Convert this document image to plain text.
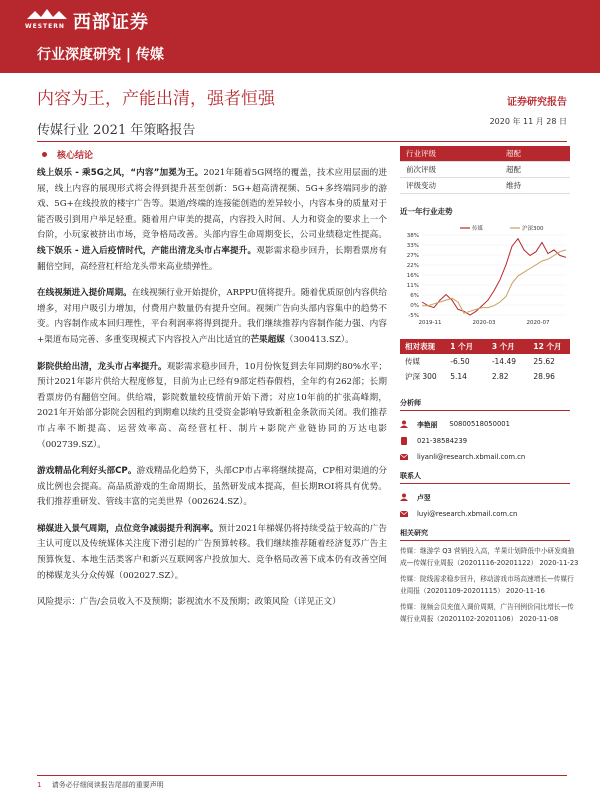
WESTERN 西部证券
行业深度研究 | 传媒
内容为王，产能出清，强者恒强	证券研究报告
传媒行业 2021 年策略报告
2020 年 11 月 28 日
核心结论

线上娱乐 - 乘5G之风，“内容”加冕为王。2021年随着5G网络的覆盖，技术应用层面的进展，线上内容的展现形式将会得到提升甚至创新：5G+超高清视频、5G+多终端同步的游戏、5G+在线投放的楼宇广告等。渠道/终端的连接能创造的差异较小，内容本身的质量对于能否吸引到用户举足轻重。随着用户审美的提高，内容投入时间、人力和资金的要求上一个台阶，小玩家被挤出市场，竞争格局改善。头部内容生命周期变长，公司业绩稳定性提高。线下娱乐 - 进入后疫情时代，产能出清龙头市占率提升。观影需求稳步回升，长期看票房有翻倍空间，高经营杠杆给龙头带来高业绩弹性。

在线视频进入提价周期。在线视频行业开始提价，ARPPU值将提升。随着优质原创内容供给增多，对用户吸引力增加，付费用户数量仍有提升空间。视频广告向头部内容集中的趋势不变。内容制作成本回归理性，平台利润率将得到提升。我们继续推荐内容制作能力强、内容+渠道布局完善、多重变现模式下内容投入产出比适宜的芒果超媒（300413.SZ）。

影院供给出清，龙头市占率提升。观影需求稳步回升，10月份恢复到去年同期约80%水平；预计2021年影片供给大程度修复，目前为止已经有9部定档春假档，全年约有262部；长期看票房仍有翻倍空间。供给端，影院数量较疫情前开始下滑；对应10年前的扩张高峰期，2021年开始部分影院会因租约到期难以续约且受资金影响导致新租金条款而关闭。我们推荐市占率不断提高、运营效率高、高经营杠杆、制片+影院产业链协同的万达电影（002739.SZ）。

游戏精品化利好头部CP。游戏精品化趋势下，头部CP市占率将继续提高，CP相对渠道的分成比例也会提高。高品质游戏的生命周期长，虽然研发成本提高，但长期ROI将具有优势。我们推荐重研发、管线丰富的完美世界（002624.SZ）。

梯媒进入景气周期，点位竞争减弱提升利润率。预计2021年梯媒仍将持续受益于较高的广告主认可度以及传统媒体关注度下滑引起的广告预算转移。我们继续推荐随着经济复苏广告主预算恢复、本地生活类客户和新兴互联网客户投放加大、竞争格局改善下成本仍有改善空间的梯媒龙头分众传媒（002027.SZ）。

风险提示：广告/会员收入不及预期；影视流水不及预期；政策风险（详见正文）

行业评级	超配
前次评级	超配
评级变动	维持
近一年行业走势
-5%
0%
6%
11%
16%
22%
27%
33%
38%
2019-11	2020-03	2020-07
传媒	沪深300
相对表现	1 个月	3 个月	12 个月
传媒	-6.50	-14.49	25.62
沪深 300	5.14	2.82	28.96
分析师
李艳丽 S0800518050001
021-38584239
liyanli@research.xbmail.com.cn
联系人
卢翌
luyi@research.xbmail.com.cn
相关研究
传媒：继游学 Q3 营销投入高，芊果计划降低中小研发商抽成—传媒行业周报（20201116-20201122） 2020-11-23
传媒：院线需求稳步回升，移动游戏市场高速增长—传媒行业周报（20201109-20201115） 2020-11-16
传媒：视频会员充值入调价周期，广告刊例价同比增长—传媒行业周报（20201102-20201106） 2020-11-08
1 请务必仔细阅读报告尾部的重要声明
